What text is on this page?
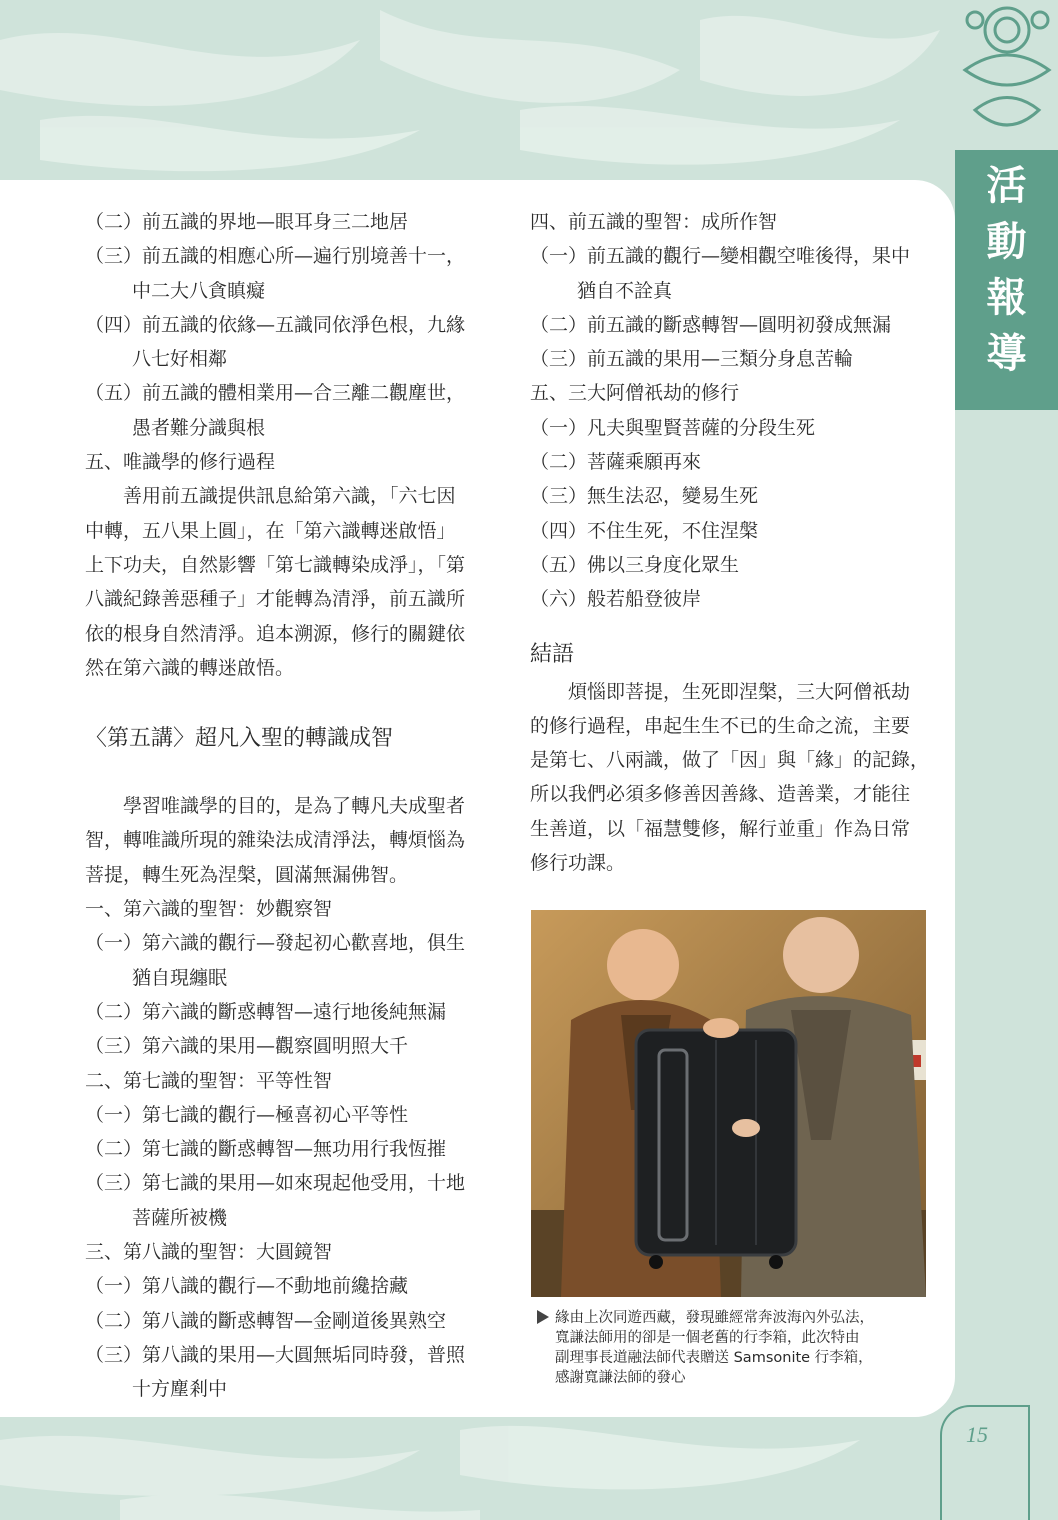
活
動
報
導
（二）前五識的界地—眼耳身三二地居
（三）前五識的相應心所—遍行別境善十一，
中二大八貪瞋癡
（四）前五識的依緣—五識同依淨色根，九緣
八七好相鄰
（五）前五識的體相業用—合三離二觀塵世，
愚者難分識與根
五、唯識學的修行過程
善用前五識提供訊息給第六識，「六七因
中轉，五八果上圓」，在「第六識轉迷啟悟」
上下功夫，自然影響「第七識轉染成淨」，「第
八識紀錄善惡種子」才能轉為清淨，前五識所
依的根身自然清淨。追本溯源，修行的關鍵依
然在第六識的轉迷啟悟。
〈第五講〉超凡入聖的轉識成智
學習唯識學的目的，是為了轉凡夫成聖者
智，轉唯識所現的雜染法成清淨法，轉煩惱為
菩提，轉生死為涅槃，圓滿無漏佛智。
一、第六識的聖智：妙觀察智
（一）第六識的觀行—發起初心歡喜地，俱生
猶自現纏眠
（二）第六識的斷惑轉智—遠行地後純無漏
（三）第六識的果用—觀察圓明照大千
二、第七識的聖智：平等性智
（一）第七識的觀行—極喜初心平等性
（二）第七識的斷惑轉智—無功用行我恆摧
（三）第七識的果用—如來現起他受用，十地
菩薩所被機
三、第八識的聖智：大圓鏡智
（一）第八識的觀行—不動地前纔捨藏
（二）第八識的斷惑轉智—金剛道後異熟空
（三）第八識的果用—大圓無垢同時發，普照
十方塵剎中
四、前五識的聖智：成所作智
（一）前五識的觀行—變相觀空唯後得，果中
猶自不詮真
（二）前五識的斷惑轉智—圓明初發成無漏
（三）前五識的果用—三類分身息苦輪
五、三大阿僧祇劫的修行
（一）凡夫與聖賢菩薩的分段生死
（二）菩薩乘願再來
（三）無生法忍，變易生死
（四）不住生死，不住涅槃
（五）佛以三身度化眾生
（六）般若船登彼岸
結語
煩惱即菩提，生死即涅槃，三大阿僧祇劫
的修行過程，串起生生不已的生命之流，主要
是第七、八兩識，做了「因」與「緣」的記錄，
所以我們必須多修善因善緣、造善業，才能往
生善道，以「福慧雙修，解行並重」作為日常
修行功課。
緣由上次同遊西藏，發現雖經常奔波海內外弘法，
寬謙法師用的卻是一個老舊的行李箱，此次特由
副理事長道融法師代表贈送 Samsonite 行李箱，
感謝寬謙法師的發心
15
